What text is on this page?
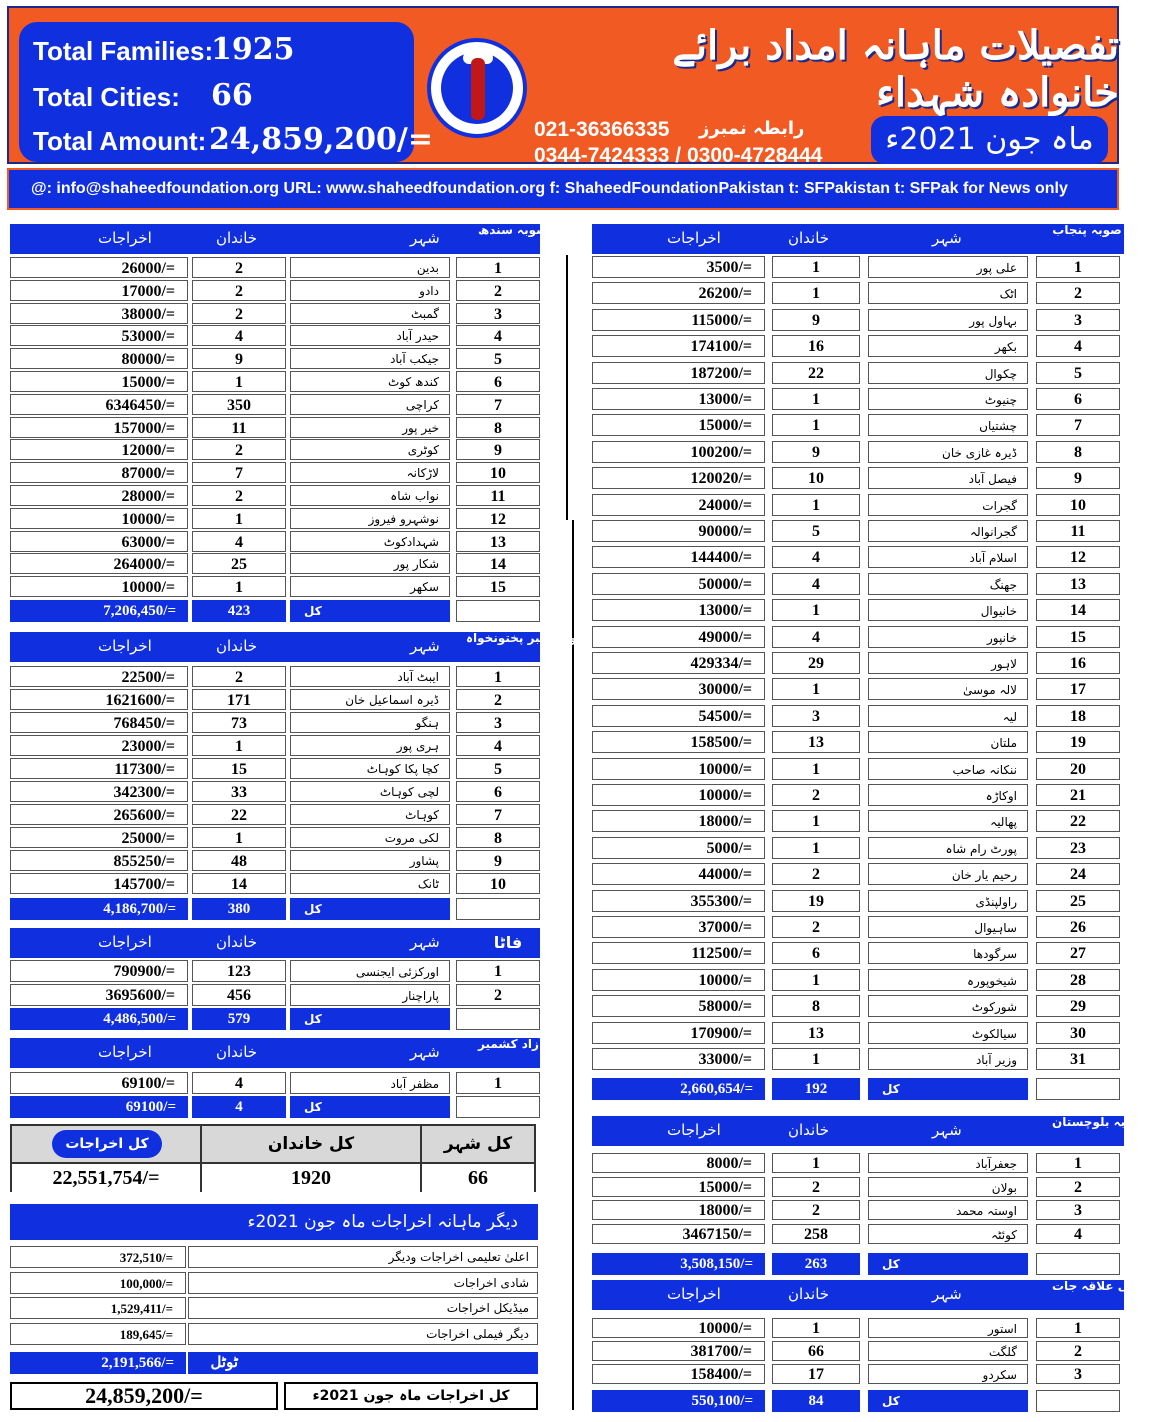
Total Families:
1925
Total Cities: 66
Total Amount: 24,859,200/=
تفصیلات ماہانہ امداد برائے خانوادہ شہداء
021-36366335 رابطہ نمبرز
0344-7424333 / 0300-4728444	ماہ جون 2021ء
@: info@shaheedfoundation.org URL: www.shaheedfoundation.org f: ShaheedFoundationPakistan t: SFPakistan t: SFPak for News only
اخراجات	خاندان	شہر	صوبہ پنجاب
3500/=	1	علی پور	1
26200/=	1	اٹک	2
115000/=	9	بہاول پور	3
174100/=	16	بکھر	4
187200/=	22	چکوال	5
13000/=	1	چنیوٹ	6
15000/=	1	چشتیاں	7
100200/=	9	ڈیرہ غازی خان	8
120020/=	10	فیصل آباد	9
24000/=	1	گجرات	10
90000/=	5	گجرانوالہ	11
144400/=	4	اسلام آباد	12
50000/=	4	جھنگ	13
13000/=	1	خانیوال	14
49000/=	4	خانپور	15
429334/=	29	لاہور	16
30000/=	1	لالہ موسیٰ	17
54500/=	3	لیہ	18
158500/=	13	ملتان	19
10000/=	1	ننکانہ صاحب	20
10000/=	2	اوکاڑہ	21
18000/=	1	پھالیہ	22
5000/=	1	پورٹ رام شاہ	23
44000/=	2	رحیم یار خان	24
355300/=	19	راولپنڈی	25
37000/=	2	ساہیوال	26
112500/=	6	سرگودھا	27
10000/=	1	شیخوپورہ	28
58000/=	8	شورکوٹ	29
170900/=	13	سیالکوٹ	30
33000/=	1	وزیر آباد	31
2,660,654/=	192	کل
اخراجات	خاندان	شہر	صوبہ بلوچستان
8000/=	1	جعفرآباد	1
15000/=	2	بولان	2
18000/=	2	اوستہ محمد	3
3467150/=	258	کوئٹہ	4
3,508,150/=	263	کل
اخراجات	خاندان	شہر	شمالی علاقہ جات
10000/=	1	استور	1
381700/=	66	گلگت	2
158400/=	17	سکردو	3
550,100/=	84	کل
اخراجات	خاندان	شہر	صوبہ سندھ
26000/=	2	بدین	1
17000/=	2	دادو	2
38000/=	2	گمبٹ	3
53000/=	4	حیدر آباد	4
80000/=	9	جیکب آباد	5
15000/=	1	کندھ کوٹ	6
6346450/=	350	کراچی	7
157000/=	11	خیر پور	8
12000/=	2	کوٹری	9
87000/=	7	لاڑکانہ	10
28000/=	2	نواب شاہ	11
10000/=	1	نوشہرو فیروز	12
63000/=	4	شہدادکوٹ	13
264000/=	25	شکار پور	14
10000/=	1	سکھر	15
7,206,450/=	423	کل
اخراجات	خاندان	شہر صوبہ خیبر پختونخواہ
22500/=	2	ایبٹ آباد	1
1621600/=	171	ڈیرہ اسماعیل خان	2
768450/=	73	ہنگو	3
23000/=	1	ہری پور	4
117300/=	15	کچا پکا کوہاٹ	5
342300/=	33	لچی کوہاٹ	6
265600/=	22	کوہاٹ	7
25000/=	1	لکی مروت	8
855250/=	48	پشاور	9
145700/=	14	ٹانک	10
4,186,700/=	380	کل
اخراجات	خاندان	شہر	فاٹا
790900/=	123	اورکزئی ایجنسی	1
3695600/=	456	پاراچنار	2
4,486,500/=	579	کل
اخراجات	خاندان	شہر	آزاد کشمیر
69100/=	4	مظفر آباد	1
69100/=	4	کل
کل اخراجات	کل خاندان	کل شہر
22,551,754/=	1920	66
دیگر ماہانہ اخراجات ماہ جون 2021ء
372,510/=	اعلیٰ تعلیمی اخراجات ودیگر
100,000/=	شادی اخراجات
1,529,411/=	میڈیکل اخراجات
189,645/=	دیگر فیملی اخراجات
2,191,566/=	ٹوٹل
24,859,200/=	کل اخراجات ماہ جون 2021ء
